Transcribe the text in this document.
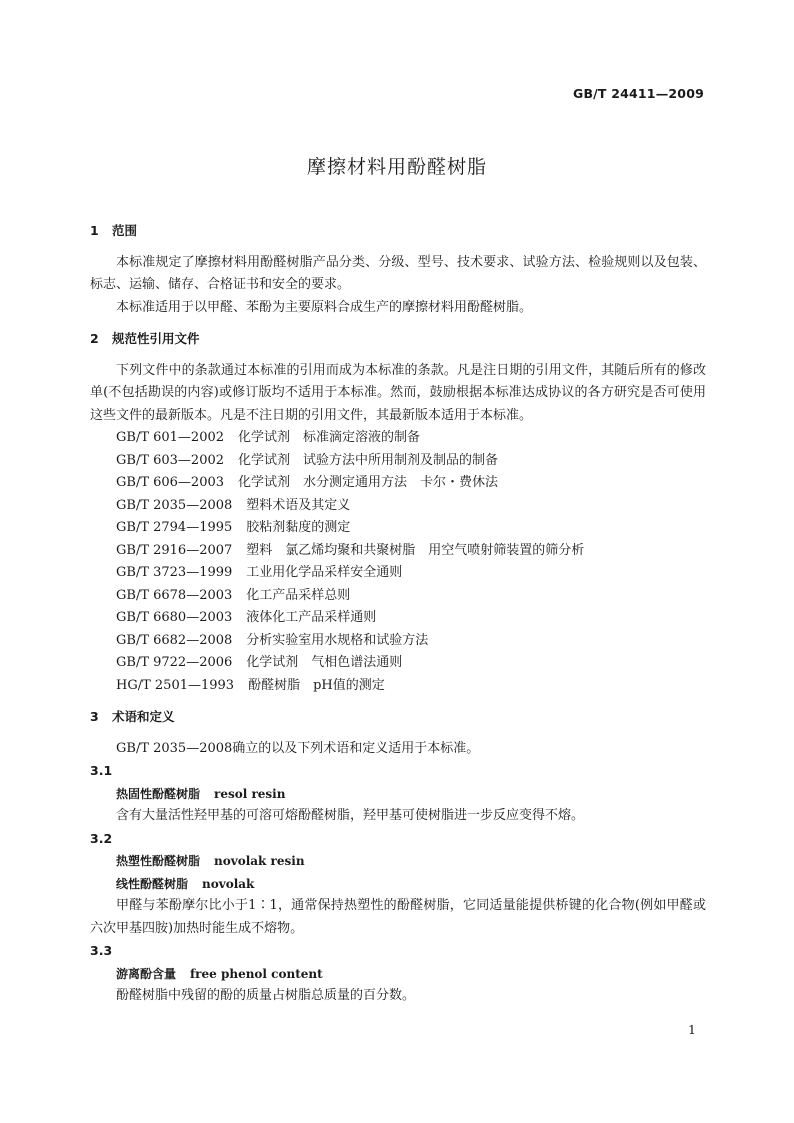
GB/T 24411—2009
摩擦材料用酚醛树脂

1 范围

本标准规定了摩擦材料用酚醛树脂产品分类、分级、型号、技术要求、试验方法、检验规则以及包装、标志、运输、储存、合格证书和安全的要求。

本标准适用于以甲醛、苯酚为主要原料合成生产的摩擦材料用酚醛树脂。

2 规范性引用文件

下列文件中的条款通过本标准的引用而成为本标准的条款。凡是注日期的引用文件，其随后所有的修改单(不包括勘误的内容)或修订版均不适用于本标准。然而，鼓励根据本标准达成协议的各方研究是否可使用这些文件的最新版本。凡是不注日期的引用文件，其最新版本适用于本标准。

GB/T 601—2002 化学试剂　标准滴定溶液的制备

GB/T 603—2002 化学试剂　试验方法中所用制剂及制品的制备

GB/T 606—2003 化学试剂　水分测定通用方法　卡尔・费休法

GB/T 2035—2008 塑料术语及其定义

GB/T 2794—1995 胶粘剂黏度的测定

GB/T 2916—2007 塑料　氯乙烯均聚和共聚树脂　用空气喷射筛装置的筛分析

GB/T 3723—1999 工业用化学品采样安全通则

GB/T 6678—2003 化工产品采样总则

GB/T 6680—2003 液体化工产品采样通则

GB/T 6682—2008 分析实验室用水规格和试验方法

GB/T 9722—2006 化学试剂　气相色谱法通则

HG/T 2501—1993 酚醛树脂　pH值的测定

3 术语和定义

GB/T 2035—2008确立的以及下列术语和定义适用于本标准。

3.1

热固性酚醛树脂 resol resin

含有大量活性羟甲基的可溶可熔酚醛树脂，羟甲基可使树脂进一步反应变得不熔。

3.2

热塑性酚醛树脂 novolak resin

线性酚醛树脂 novolak

甲醛与苯酚摩尔比小于1∶1，通常保持热塑性的酚醛树脂，它同适量能提供桥键的化合物(例如甲醛或六次甲基四胺)加热时能生成不熔物。

3.3

游离酚含量 free phenol content

酚醛树脂中残留的酚的质量占树脂总质量的百分数。

1
